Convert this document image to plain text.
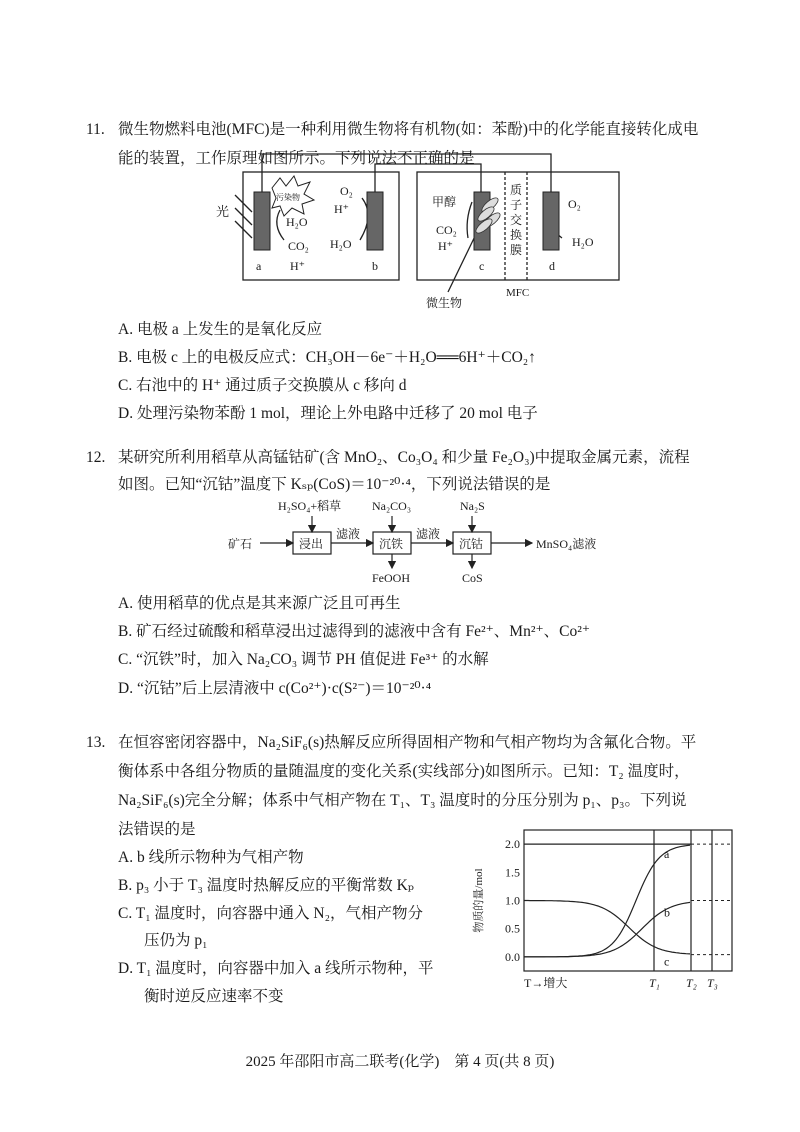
11. 微生物燃料电池(MFC)是一种利用微生物将有机物(如：苯酚)中的化学能直接转化成电
能的装置，工作原理如图所示。下列说法不正确的是
光
污染物
H₂O
CO₂
H⁺
O₂
H⁺
H₂O
甲醇
CO₂
H⁺
质
子
交
换
膜
O₂
H₂O
a	b	c	d
微生物
MFC
A. 电极 a 上发生的是氧化反应
B. 电极 c 上的电极反应式：CH₃OH－6e⁻＋H₂O══6H⁺＋CO₂↑
C. 右池中的 H⁺ 通过质子交换膜从 c 移向 d
D. 处理污染物苯酚 1 mol，理论上外电路中迁移了 20 mol 电子
12. 某研究所利用稻草从高锰钴矿(含 MnO₂、Co₃O₄ 和少量 Fe₂O₃)中提取金属元素，流程
如图。已知“沉钴”温度下 Kₛₚ(CoS)＝10⁻²⁰·⁴，下列说法错误的是
矿石	浸出
H₂SO₄+稻草
滤液
沉铁
Na₂CO₃
FeOOH
滤液
沉钴
Na₂S
CoS
MnSO₄滤液
A. 使用稻草的优点是其来源广泛且可再生
B. 矿石经过硫酸和稻草浸出过滤得到的滤液中含有 Fe²⁺、Mn²⁺、Co²⁺
C. “沉铁”时，加入 Na₂CO₃ 调节 PH 值促进 Fe³⁺ 的水解
D. “沉钴”后上层清液中 c(Co²⁺)·c(S²⁻)＝10⁻²⁰·⁴
13. 在恒容密闭容器中，Na₂SiF₆(s)热解反应所得固相产物和气相产物均为含氟化合物。平
衡体系中各组分物质的量随温度的变化关系(实线部分)如图所示。已知：T₂ 温度时，
Na₂SiF₆(s)完全分解；体系中气相产物在 T₁、T₃ 温度时的分压分别为 p₁、p₃。下列说
法错误的是
A. b 线所示物种为气相产物
B. p₃ 小于 T₃ 温度时热解反应的平衡常数 Kₚ
C. T₁ 温度时，向容器中通入 N₂，气相产物分
压仍为 p₁
D. T₁ 温度时，向容器中加入 a 线所示物种，平
衡时逆反应速率不变
a
b
c
0.0
0.5
1.0
1.5
2.0
T₁ T₂ T₃
T→增大
物质的量/mol
2025 年邵阳市高二联考(化学)　第 4 页(共 8 页)
